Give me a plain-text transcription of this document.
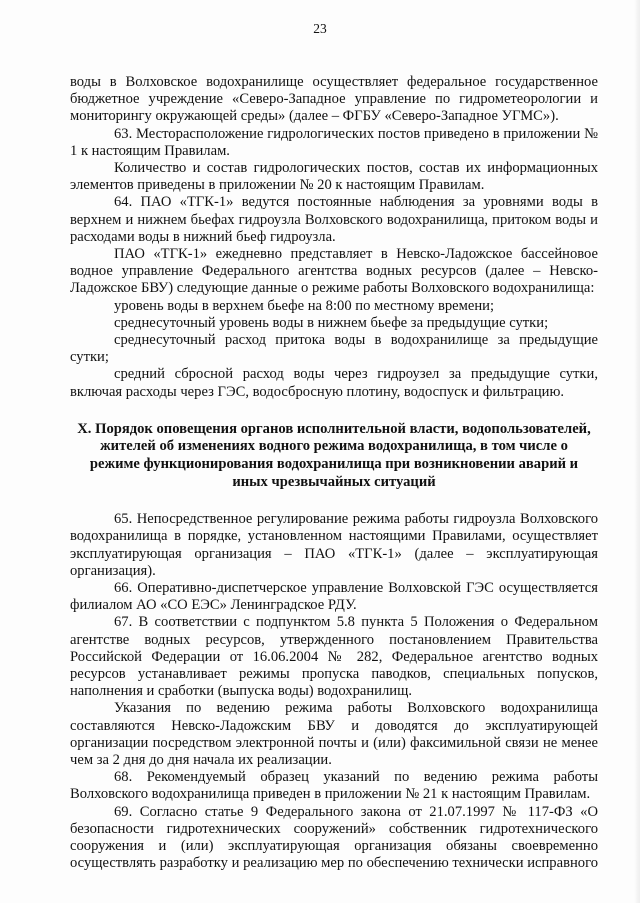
23

воды в Волховское водохранилище осуществляет федеральное государственное бюджетное учреждение «Северо-Западное управление по гидрометеорологии и мониторингу окружающей среды» (далее – ФГБУ «Северо-Западное УГМС»).

63. Месторасположение гидрологических постов приведено в приложении № 1 к настоящим Правилам.

Количество и состав гидрологических постов, состав их информационных элементов приведены в приложении № 20 к настоящим Правилам.

64. ПАО «ТГК-1» ведутся постоянные наблюдения за уровнями воды в верхнем и нижнем бьефах гидроузла Волховского водохранилища, притоком воды и расходами воды в нижний бьеф гидроузла.

ПАО «ТГК-1» ежедневно представляет в Невско-Ладожское бассейновое водное управление Федерального агентства водных ресурсов (далее – Невско-Ладожское БВУ) следующие данные о режиме работы Волховского водохранилища:

уровень воды в верхнем бьефе на 8:00 по местному времени;

среднесуточный уровень воды в нижнем бьефе за предыдущие сутки;

среднесуточный расход притока воды в водохранилище за предыдущие сутки;

средний сбросной расход воды через гидроузел за предыдущие сутки, включая расходы через ГЭС, водосбросную плотину, водоспуск и фильтрацию.

X. Порядок оповещения органов исполнительной власти, водопользователей, жителей об изменениях водного режима водохранилища, в том числе о режиме функционирования водохранилища при возникновении аварий и иных чрезвычайных ситуаций

65. Непосредственное регулирование режима работы гидроузла Волховского водохранилища в порядке, установленном настоящими Правилами, осуществляет эксплуатирующая организация – ПАО «ТГК-1» (далее – эксплуатирующая организация).

66. Оперативно-диспетчерское управление Волховской ГЭС осуществляется филиалом АО «СО ЕЭС» Ленинградское РДУ.

67. В соответствии с подпунктом 5.8 пункта 5 Положения о Федеральном агентстве водных ресурсов, утвержденного постановлением Правительства Российской Федерации от 16.06.2004 № 282, Федеральное агентство водных ресурсов устанавливает режимы пропуска паводков, специальных попусков, наполнения и сработки (выпуска воды) водохранилищ.

Указания по ведению режима работы Волховского водохранилища составляются Невско-Ладожским БВУ и доводятся до эксплуатирующей организации посредством электронной почты и (или) факсимильной связи не менее чем за 2 дня до дня начала их реализации.

68. Рекомендуемый образец указаний по ведению режима работы Волховского водохранилища приведен в приложении № 21 к настоящим Правилам.

69. Согласно статье 9 Федерального закона от 21.07.1997 № 117-ФЗ «О безопасности гидротехнических сооружений» собственник гидротехнического сооружения и (или) эксплуатирующая организация обязаны своевременно осуществлять разработку и реализацию мер по обеспечению технически исправного
